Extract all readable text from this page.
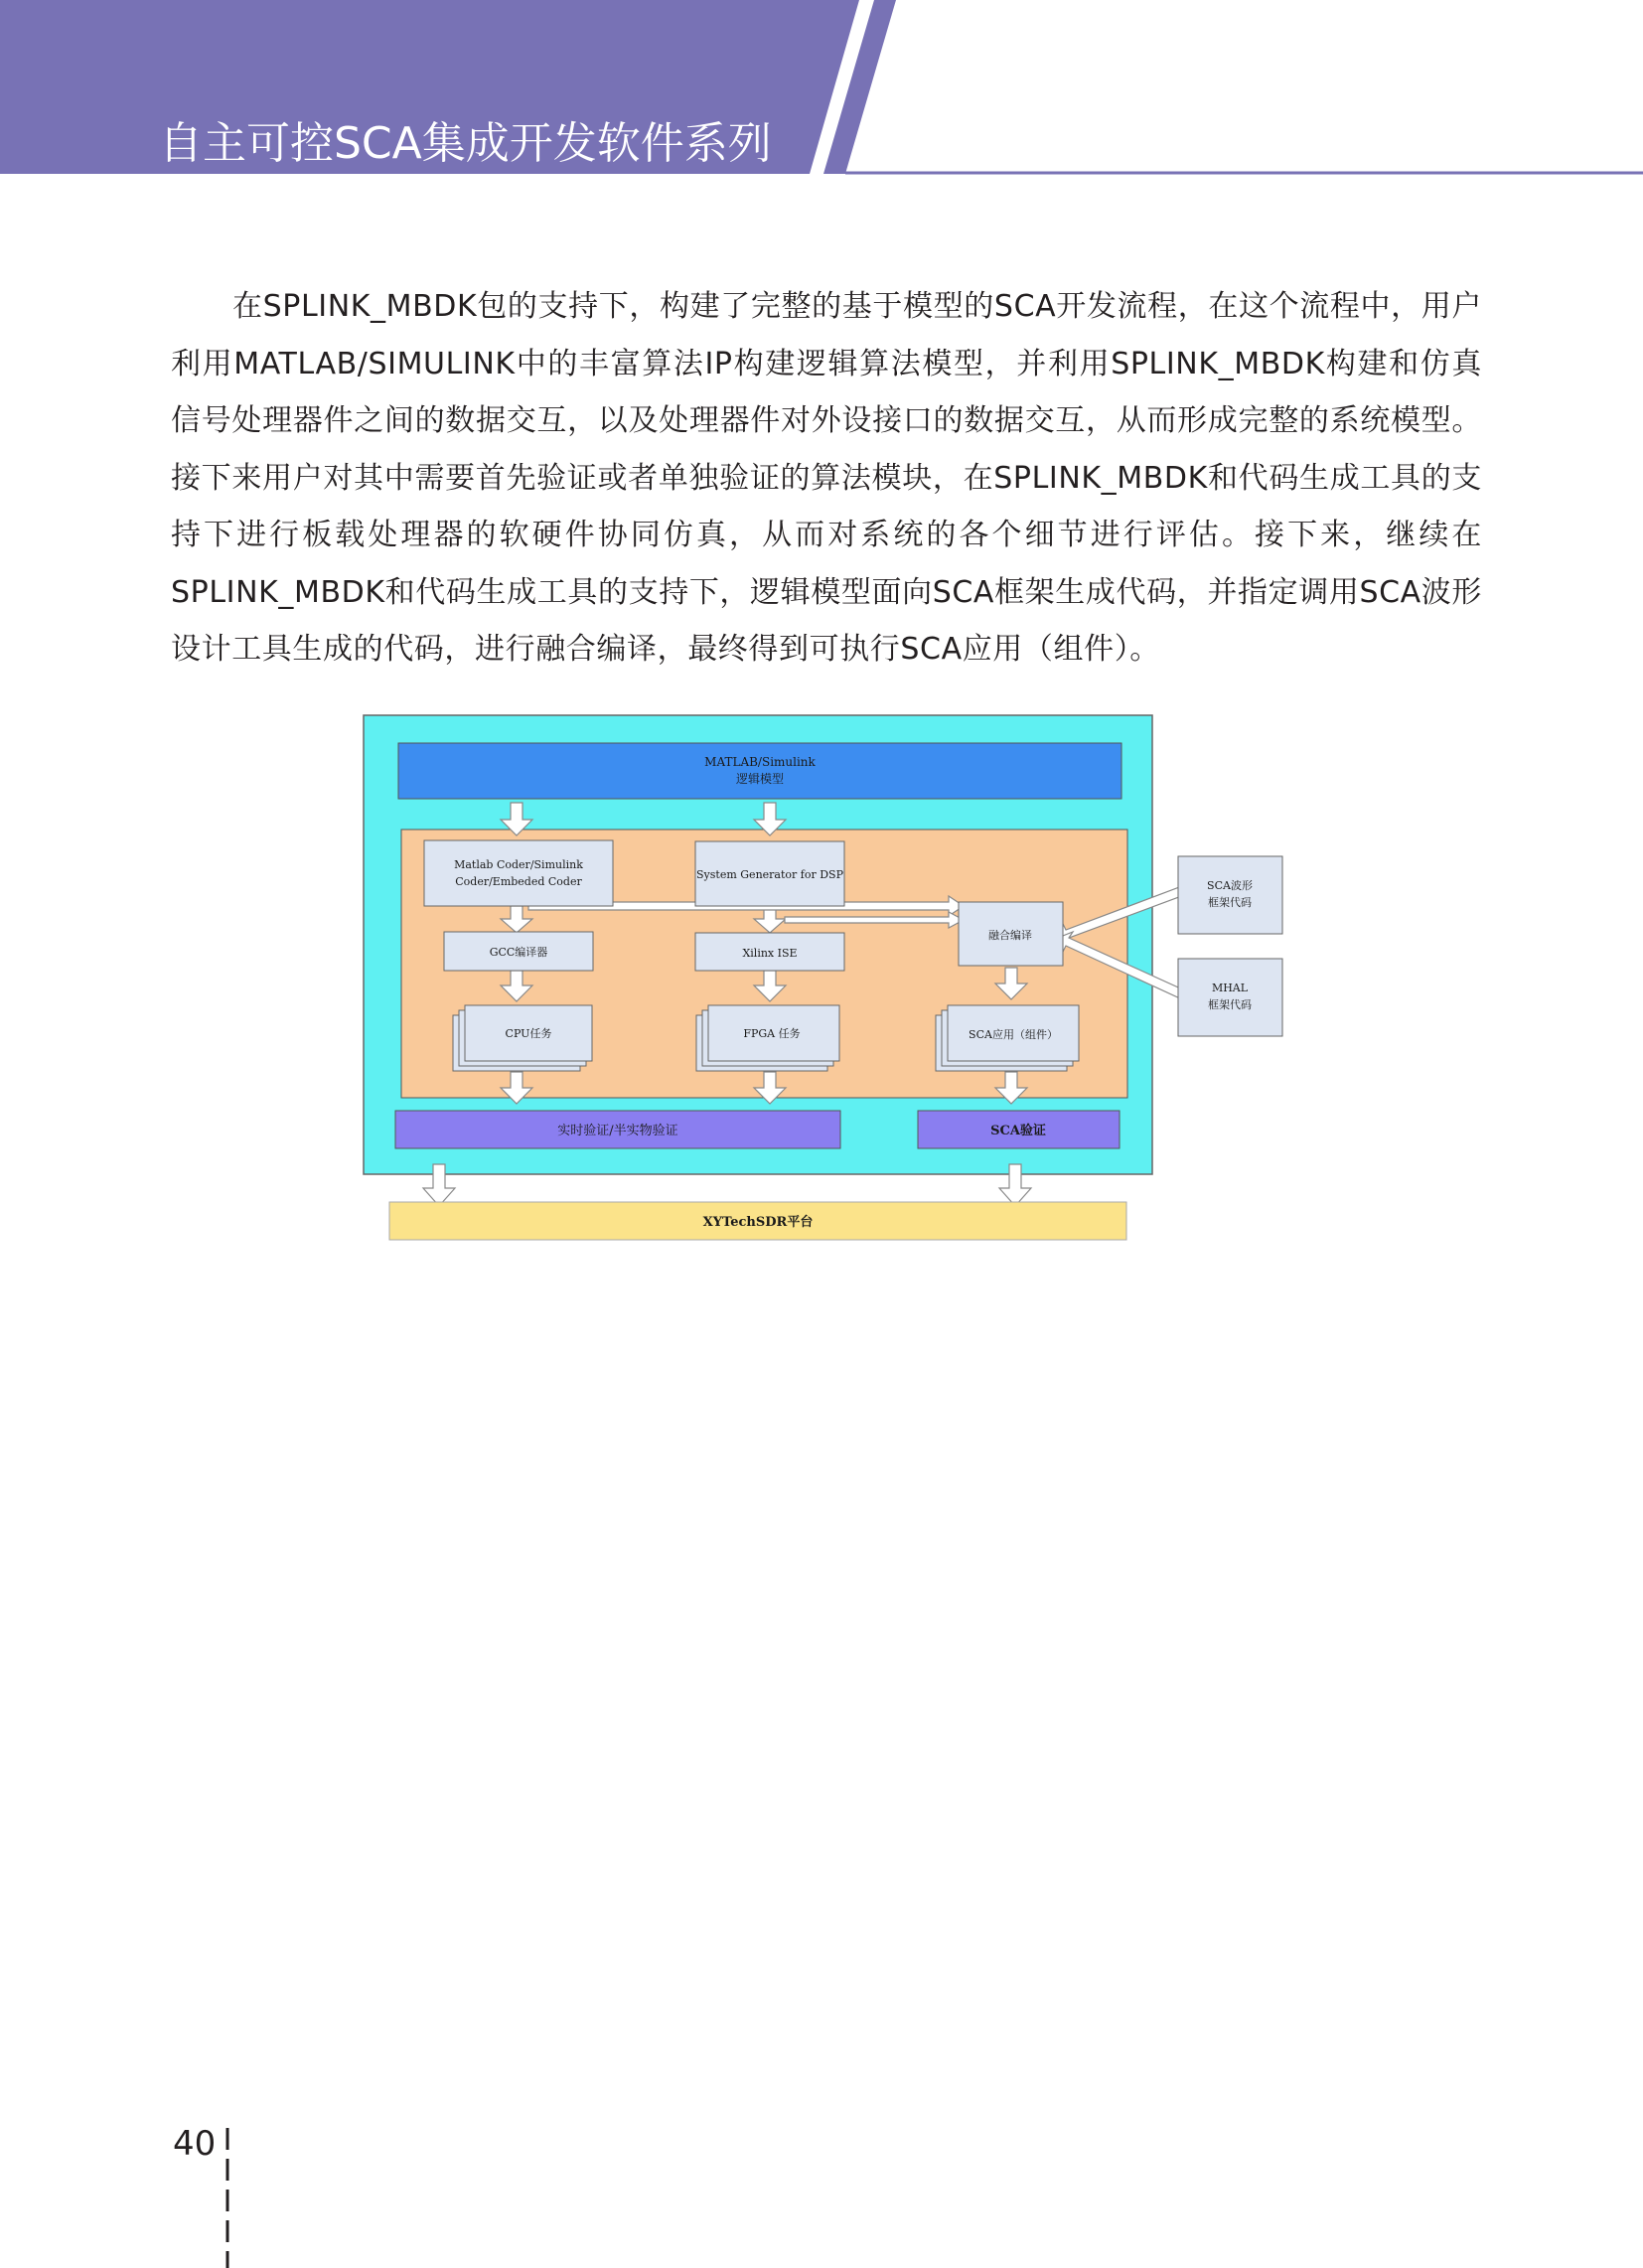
自主可控SCA集成开发软件系列
在SPLINK_MBDK包的支持下，构建了完整的基于模型的SCA开发流程，在这个流程中，用户利用MATLAB/SIMULINK中的丰富算法IP构建逻辑算法模型，并利用SPLINK_MBDK构建和仿真信号处理器件之间的数据交互，以及处理器件对外设接口的数据交互，从而形成完整的系统模型。接下来用户对其中需要首先验证或者单独验证的算法模块，在SPLINK_MBDK和代码生成工具的支持下进行板载处理器的软硬件协同仿真，从而对系统的各个细节进行评估。接下来，继续在SPLINK_MBDK和代码生成工具的支持下，逻辑模型面向SCA框架生成代码，并指定调用SCA波形设计工具生成的代码，进行融合编译，最终得到可执行SCA应用（组件）。
MATLAB/Simulink
逻辑模型
Matlab Coder/Simulink
Coder/Embeded Coder
System Generator for DSP
GCC编译器	Xilinx ISE
融合编译
CPU任务	FPGA 任务	SCA应用（组件）
SCA波形
框架代码
MHAL
框架代码
实时验证/半实物验证	SCA验证
XYTechSDR平台
40
